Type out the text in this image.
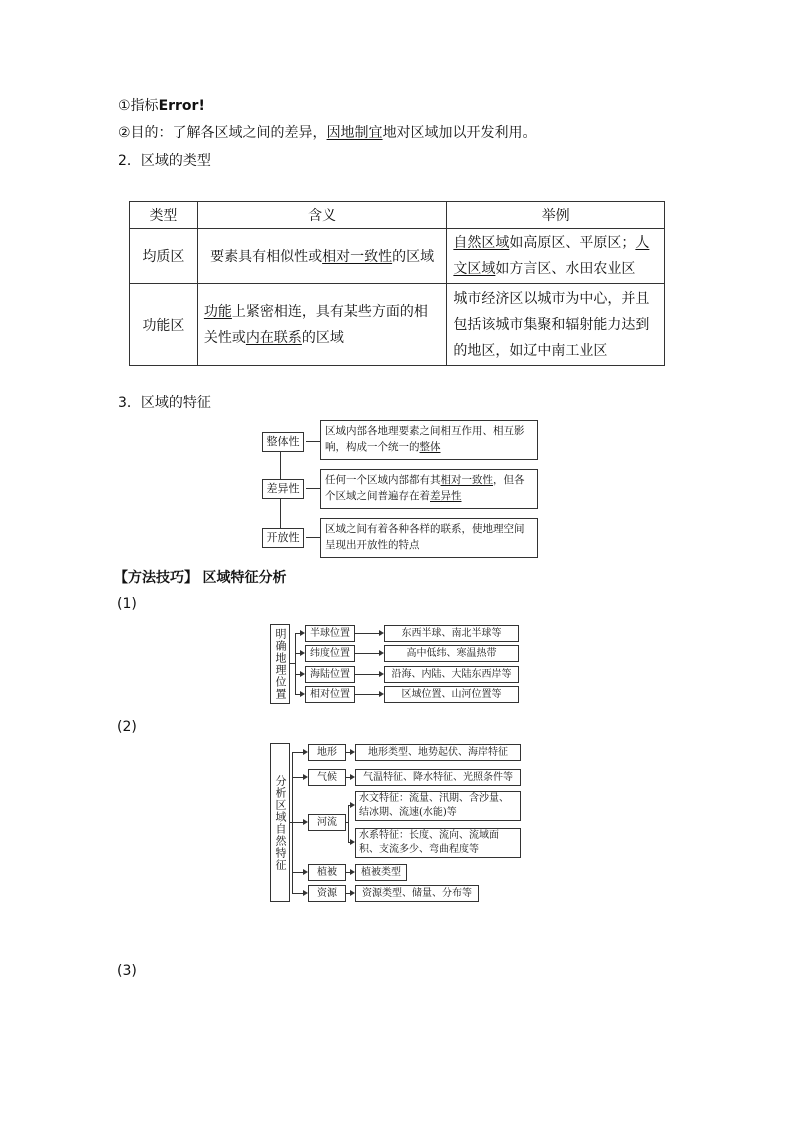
①指标Error!
②目的：了解各区域之间的差异，因地制宜地对区域加以开发利用。
2．区域的类型
类型	含义	举例
均质区	要素具有相似性或相对一致性的区域	自然区域如高原区、平原区；人文区域如方言区、水田农业区
功能区	功能上紧密相连，具有某些方面的相关性或内在联系的区域	城市经济区以城市为中心，并且包括该城市集聚和辐射能力达到的地区，如辽中南工业区
3．区域的特征
整体性
差异性
开放性
区域内部各地理要素之间相互作用、相互影响，构成一个统一的整体
任何一个区域内部都有其相对一致性，但各个区域之间普遍存在着差异性
区域之间有着各种各样的联系，使地理空间呈现出开放性的特点
【方法技巧】 区域特征分析
(1)
明确地理位置	半球位置
纬度位置
海陆位置
相对位置
东西半球、南北半球等
高中低纬、寒温热带
沿海、内陆、大陆东西岸等
区域位置、山河位置等
(2)
分析区域自然特征
地形
气候
河流
植被
资源
地形类型、地势起伏、海岸特征
气温特征、降水特征、光照条件等
水文特征：流量、汛期、含沙量、结冰期、流速(水能)等
水系特征：长度、流向、流域面积、支流多少、弯曲程度等
植被类型
资源类型、储量、分布等
(3)
